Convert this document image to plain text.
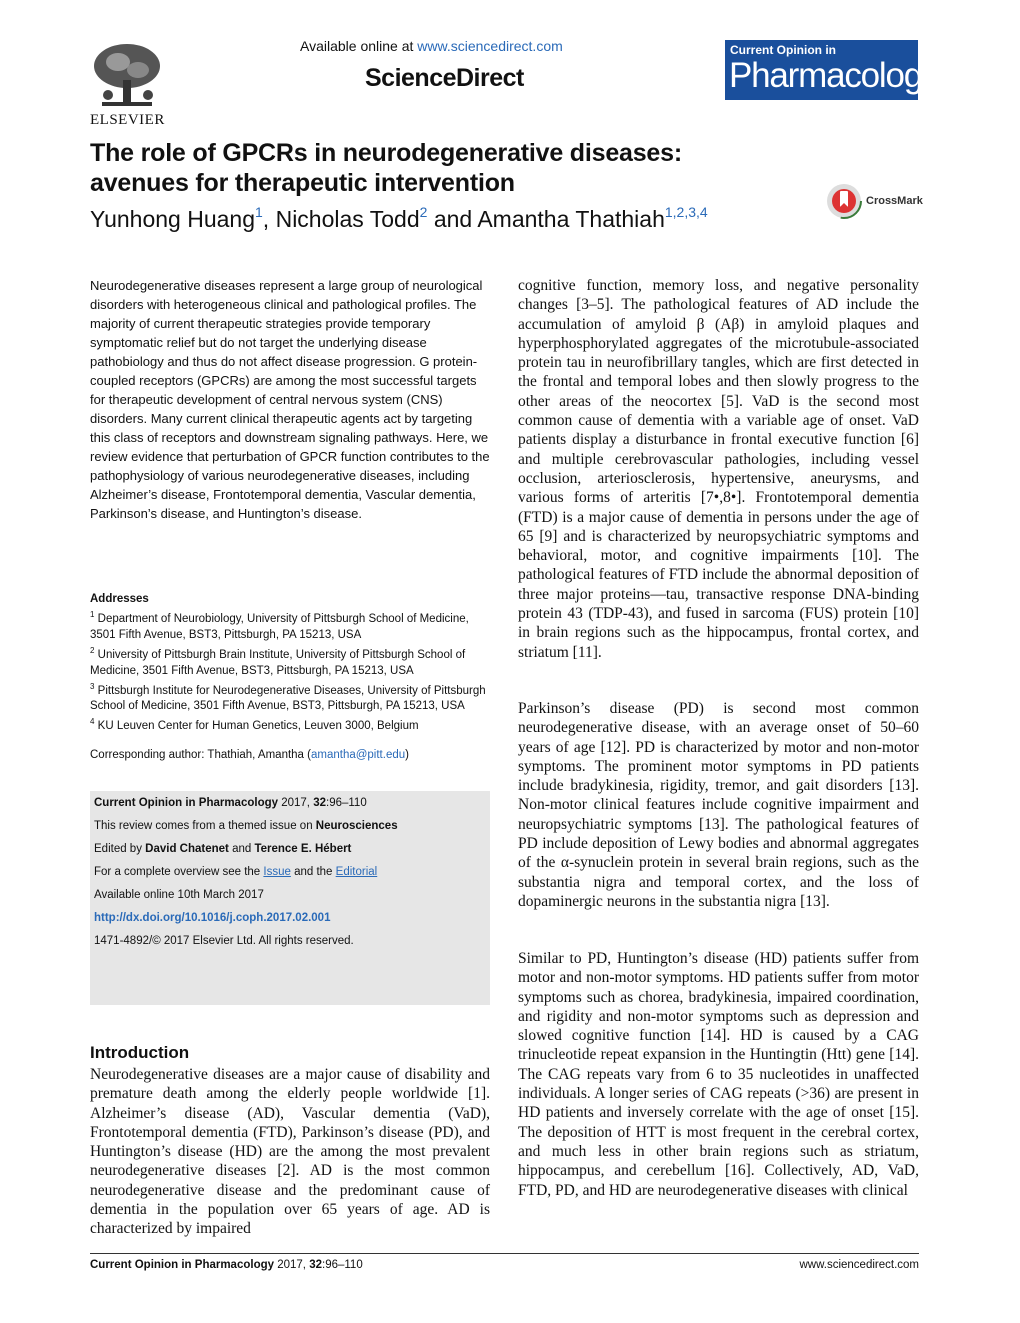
ELSEVIER
Available online at www.sciencedirect.com
ScienceDirect
Current Opinion in
Pharmacology
The role of GPCRs in neurodegenerative diseases:
avenues for therapeutic intervention
Yunhong Huang$^1$, Nicholas Todd$^2$ and Amantha Thathiah$^{1,2,3,4}$
CrossMark
Neurodegenerative diseases represent a large group of neurological disorders with heterogeneous clinical and pathological profiles. The majority of current therapeutic strategies provide temporary symptomatic relief but do not target the underlying disease pathobiology and thus do not affect disease progression. G protein-coupled receptors (GPCRs) are among the most successful targets for therapeutic development of central nervous system (CNS) disorders. Many current clinical therapeutic agents act by targeting this class of receptors and downstream signaling pathways. Here, we review evidence that perturbation of GPCR function contributes to the pathophysiology of various neurodegenerative diseases, including Alzheimer’s disease, Frontotemporal dementia, Vascular dementia, Parkinson’s disease, and Huntington’s disease.
Addresses
$^1$ Department of Neurobiology, University of Pittsburgh School of Medicine, 3501 Fifth Avenue, BST3, Pittsburgh, PA 15213, USA
$^2$ University of Pittsburgh Brain Institute, University of Pittsburgh School of Medicine, 3501 Fifth Avenue, BST3, Pittsburgh, PA 15213, USA
$^3$ Pittsburgh Institute for Neurodegenerative Diseases, University of Pittsburgh School of Medicine, 3501 Fifth Avenue, BST3, Pittsburgh, PA 15213, USA
$^4$ KU Leuven Center for Human Genetics, Leuven 3000, Belgium
Corresponding author: Thathiah, Amantha (amantha@pitt.edu)
Current Opinion in Pharmacology 2017, 32:96–110
This review comes from a themed issue on Neurosciences
Edited by David Chatenet and Terence E. Hébert
For a complete overview see the Issue and the Editorial
Available online 10th March 2017
http://dx.doi.org/10.1016/j.coph.2017.02.001
1471-4892/© 2017 Elsevier Ltd. All rights reserved.
Introduction
Neurodegenerative diseases are a major cause of disability and premature death among the elderly people worldwide [1]. Alzheimer’s disease (AD), Vascular dementia (VaD), Frontotemporal dementia (FTD), Parkinson’s disease (PD), and Huntington’s disease (HD) are the among the most prevalent neurodegenerative diseases [2]. AD is the most common neurodegenerative disease and the predominant cause of dementia in the population over 65 years of age. AD is characterized by impaired
cognitive function, memory loss, and negative personality changes [3–5]. The pathological features of AD include the accumulation of amyloid β (Aβ) in amyloid plaques and hyperphosphorylated aggregates of the microtubule-associated protein tau in neurofibrillary tangles, which are first detected in the frontal and temporal lobes and then slowly progress to the other areas of the neocortex [5]. VaD is the second most common cause of dementia with a variable age of onset. VaD patients display a disturbance in frontal executive function [6] and multiple cerebrovascular pathologies, including vessel occlusion, arteriosclerosis, hypertensive, aneurysms, and various forms of arteritis [7•,8•]. Frontotemporal dementia (FTD) is a major cause of dementia in persons under the age of 65 [9] and is characterized by neuropsychiatric symptoms and behavioral, motor, and cognitive impairments [10]. The pathological features of FTD include the abnormal deposition of three major proteins—tau, transactive response DNA-binding protein 43 (TDP-43), and fused in sarcoma (FUS) protein [10] in brain regions such as the hippocampus, frontal cortex, and striatum [11].
Parkinson’s disease (PD) is second most common neurodegenerative disease, with an average onset of 50–60 years of age [12]. PD is characterized by motor and non-motor symptoms. The prominent motor symptoms in PD patients include bradykinesia, rigidity, tremor, and gait disorders [13]. Non-motor clinical features include cognitive impairment and neuropsychiatric symptoms [13]. The pathological features of PD include deposition of Lewy bodies and abnormal aggregates of the α-synuclein protein in several brain regions, such as the substantia nigra and temporal cortex, and the loss of dopaminergic neurons in the substantia nigra [13].
Similar to PD, Huntington’s disease (HD) patients suffer from motor and non-motor symptoms. HD patients suffer from motor symptoms such as chorea, bradykinesia, impaired coordination, and rigidity and non-motor symptoms such as depression and slowed cognitive function [14]. HD is caused by a CAG trinucleotide repeat expansion in the Huntingtin (Htt) gene [14]. The CAG repeats vary from 6 to 35 nucleotides in unaffected individuals. A longer series of CAG repeats (>36) are present in HD patients and inversely correlate with the age of onset [15]. The deposition of HTT is most frequent in the cerebral cortex, and much less in other brain regions such as striatum, hippocampus, and cerebellum [16]. Collectively, AD, VaD, FTD, PD, and HD are neurodegenerative diseases with clinical
Current Opinion in Pharmacology 2017, 32:96–110	www.sciencedirect.com
